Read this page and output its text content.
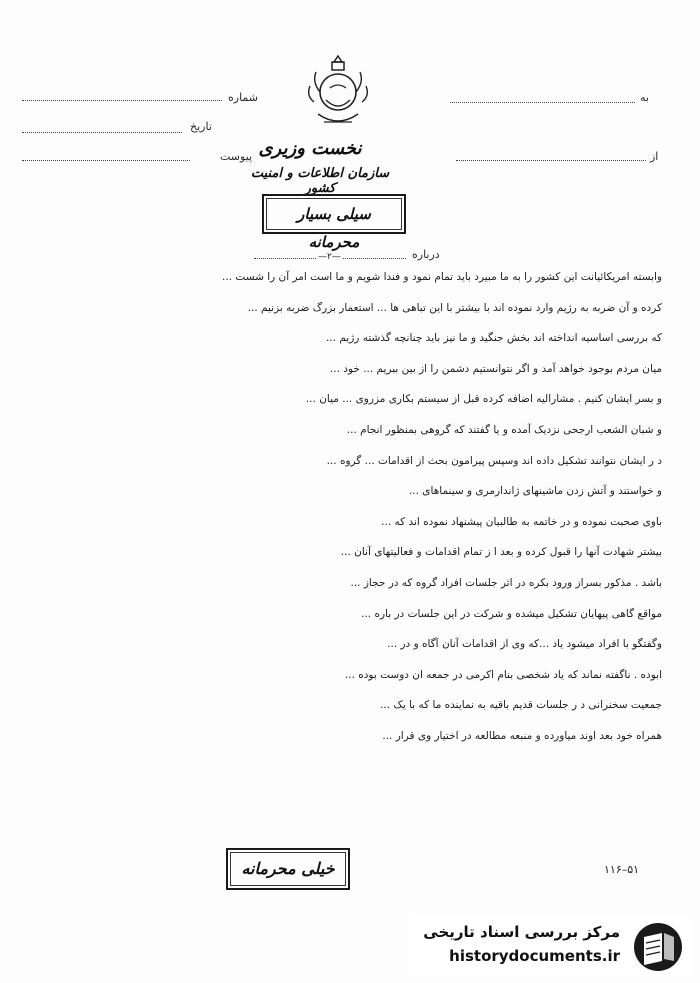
شماره
تاریخ
پیوست
به
از
نخست وزیری
سازمان اطلاعات و امنیت کشور
سیلی بسیار محرمانه
درباره
—۲—
وابسته امریکائیانت این کشور را به ما مبیرد باید تمام نمود و فندا شویم و ما است امر آن را شست ...
کرده و آن ضربه به رژیم وارد نموده اند با بیشتر با این تباهی ها ... استعمار بزرگ ضربه بزنیم ...
که بررسی اساسیه انداخته اند بخش جنگید و ما نیز باید چنانچه گذشته رژیم ...
میان مردم بوجود خواهد آمد و اگر نتوانستیم دشمن را از بین ببریم ... خود ...
و بسر ایشان کنیم . مشارالیه اضافه کرده قبل از سیستم بکاری مزروی ... میان ...
و شبان الشعب ارجحی نزدیک آمده و یا گفتند که گروهی بمنظور انجام ...
د ر ایشان نتوانند تشکیل داده اند وسپس پیرامون بحث از اقدامات ... گروه ...
و خواستند و آتش زدن ماشینهای ژاندارمری و سینماهای ...
باوی صحبت نموده و در خاتمه به طالبیان پیشنهاد نموده اند که ...
بیشتر شهادت آنها را قبول کرده و بعد ا ز تمام اقدامات و فعالیتهای آنان ...
باشد . مذکور بسراز ورود بکره در اثر جلسات افراد گروه که در حجاز ...
مواقع گاهی پیهایان تشکیل میشده و شرکت در این جلسات در باره ...
وگفتگو با افراد میشود یاد ...که وی از اقدامات آنان آگاه و در ...
ابوده . ناگفته نماند که یاد شخصی بنام اکرمی در جمعه ان دوست بوده ...
جمعیت سخنرانی د ر جلسات قدیم باقیه به نماینده ما که با یک ...
همراه خود بعد اوند میاورده و منبعه مطالعه در اختیار وی قرار ...
خیلی محرمانه	۱۱۶–۵۱
مرکز بررسی اسناد تاریخی
historydocuments.ir
